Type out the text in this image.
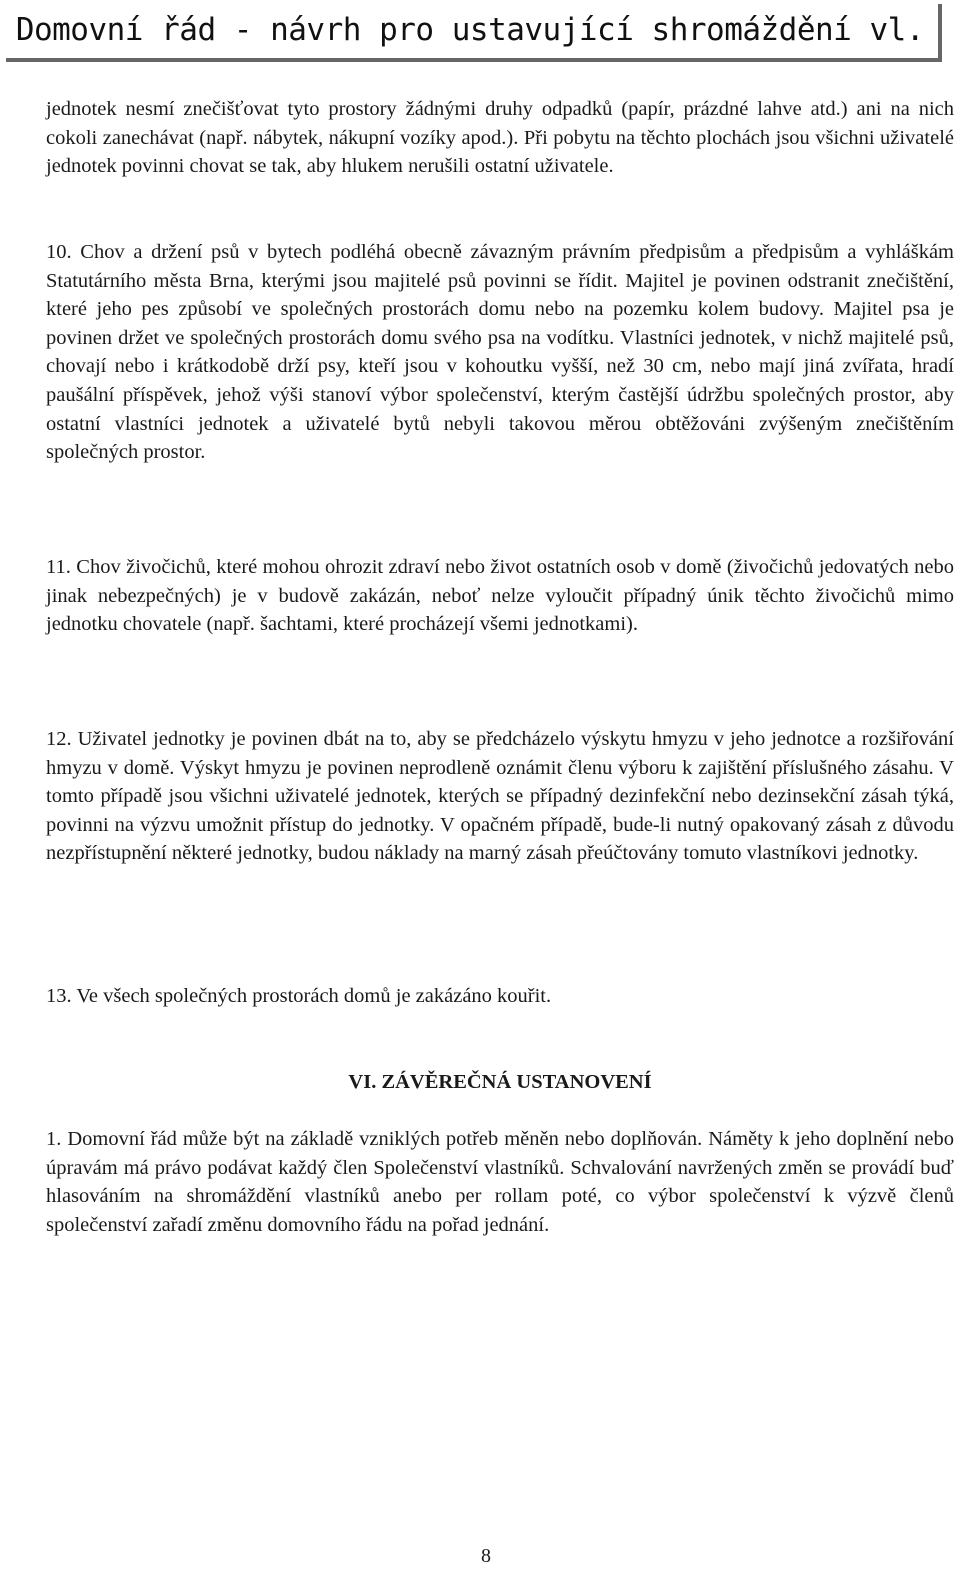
Domovní řád - návrh pro ustavující shromáždění vl.

jednotek nesmí znečišťovat tyto prostory žádnými druhy odpadků (papír, prázdné lahve atd.) ani na nich cokoli zanechávat (např. nábytek, nákupní vozíky apod.). Při pobytu na těchto plochách jsou všichni uživatelé jednotek povinni chovat se tak, aby hlukem nerušili ostatní uživatele.

10. Chov a držení psů v bytech podléhá obecně závazným právním předpisům a předpisům a vyhláškám Statutárního města Brna, kterými jsou majitelé psů povinni se řídit. Majitel je povinen odstranit znečištění, které jeho pes způsobí ve společných prostorách domu nebo na pozemku kolem budovy. Majitel psa je povinen držet ve společných prostorách domu svého psa na vodítku. Vlastníci jednotek, v nichž majitelé psů, chovají nebo i krátkodobě drží psy, kteří jsou v kohoutku vyšší, než 30 cm, nebo mají jiná zvířata, hradí paušální příspěvek, jehož výši stanoví výbor společenství, kterým častější údržbu společných prostor, aby ostatní vlastníci jednotek a uživatelé bytů nebyli takovou měrou obtěžováni zvýšeným znečištěním společných prostor.

11. Chov živočichů, které mohou ohrozit zdraví nebo život ostatních osob v domě (živočichů jedovatých nebo jinak nebezpečných) je v budově zakázán, neboť nelze vyloučit případný únik těchto živočichů mimo jednotku chovatele (např. šachtami, které procházejí všemi jednotkami).

12. Uživatel jednotky je povinen dbát na to, aby se předcházelo výskytu hmyzu v jeho jednotce a rozšiřování hmyzu v domě. Výskyt hmyzu je povinen neprodleně oznámit členu výboru k zajištění příslušného zásahu. V tomto případě jsou všichni uživatelé jednotek, kterých se případný dezinfekční nebo dezinsekční zásah týká, povinni na výzvu umožnit přístup do jednotky. V opačném případě, bude-li nutný opakovaný zásah z důvodu nezpřístupnění některé jednotky, budou náklady na marný zásah přeúčtovány tomuto vlastníkovi jednotky.

13. Ve všech společných prostorách domů je zakázáno kouřit.

VI. ZÁVĚREČNÁ USTANOVENÍ

1. Domovní řád může být na základě vzniklých potřeb měněn nebo doplňován. Náměty k jeho doplnění nebo úpravám má právo podávat každý člen Společenství vlastníků. Schvalování navržených změn se provádí buď hlasováním na shromáždění vlastníků anebo per rollam poté, co výbor společenství k výzvě členů společenství zařadí změnu domovního řádu na pořad jednání.

8
